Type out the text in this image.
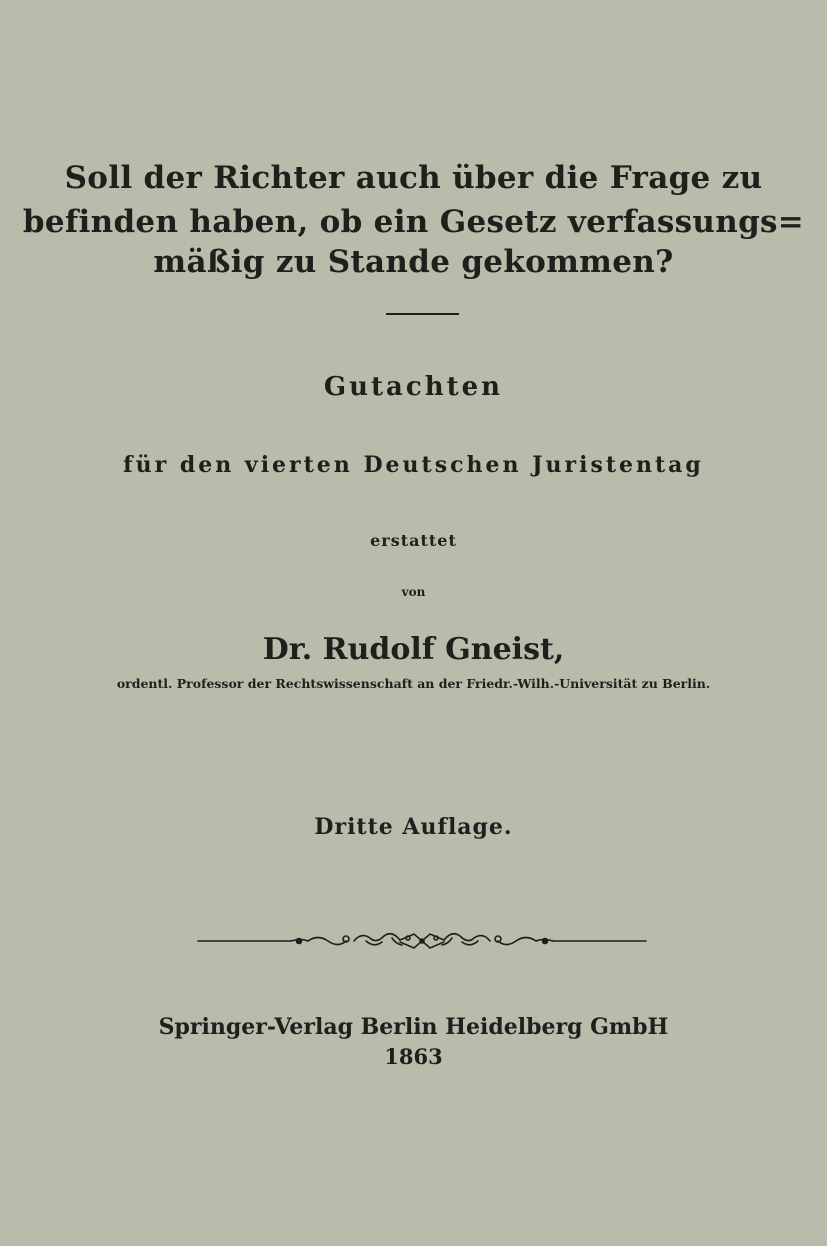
Soll der Richter auch über die Frage zu
befinden haben, ob ein Gesetz verfassungs=
mäßig zu Stande gekommen?
Gutachten
für den vierten Deutschen Juristentag
erstattet
von
Dr. Rudolf Gneist,
ordentl. Professor der Rechtswissenschaft an der Friedr.-Wilh.-Universität zu Berlin.
Dritte Auflage.
Springer-Verlag Berlin Heidelberg GmbH
1863
